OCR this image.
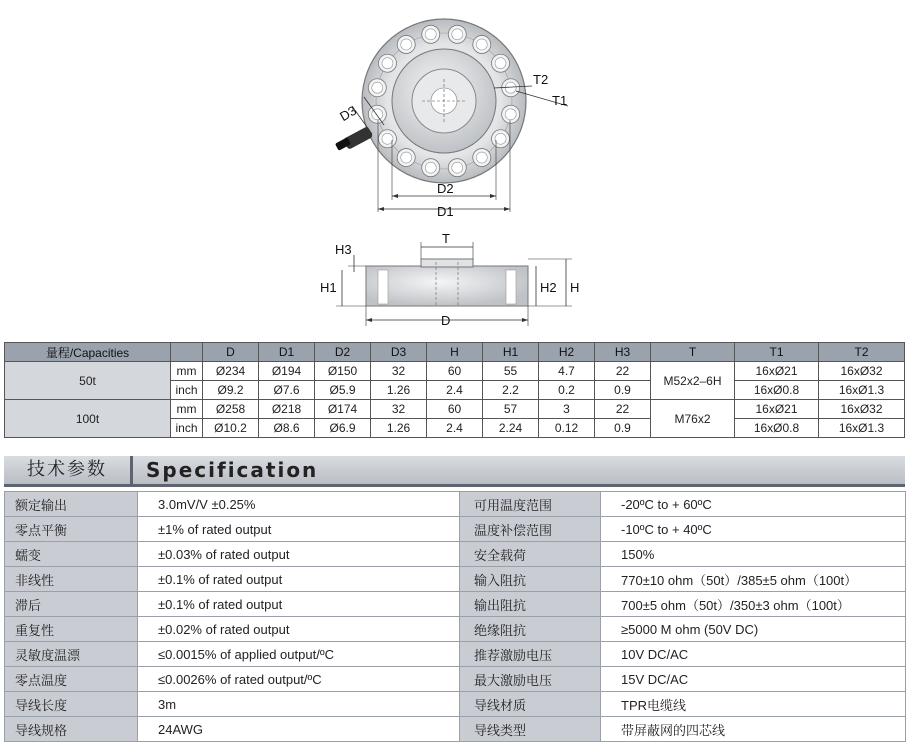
D3
T2
T1
D2
D1
T
H3
H1	H2 H
D
量程/Capacities		D	D1	D2	D3	H	H1	H2	H3	T	T1	T2
50t	mm	Ø234	Ø194	Ø150	32	60	55	4.7	22	M52x2–6H	16xØ21	16xØ32
	inch	Ø9.2	Ø7.6	Ø5.9	1.26	2.4	2.2	0.2	0.9		16xØ0.8	16xØ1.3
100t	mm	Ø258	Ø218	Ø174	32	60	57	3	22	M76x2	16xØ21	16xØ32
	inch	Ø10.2	Ø8.6	Ø6.9	1.26	2.4	2.24	0.12	0.9		16xØ0.8	16xØ1.3
技术参数	Specification
额定输出	3.0mV/V ±0.25%	可用温度范围	-20ºC to + 60ºC
零点平衡	±1% of rated output	温度补偿范围	-10ºC to + 40ºC
蠕变	±0.03% of rated output	安全载荷	150%
非线性	±0.1% of rated output	输入阻抗	770±10 ohm（50t）/385±5 ohm（100t）
滞后	±0.1% of rated output	输出阻抗	700±5 ohm（50t）/350±3 ohm（100t）
重复性	±0.02% of rated output	绝缘阻抗	≥5000 M ohm (50V DC)
灵敏度温漂	≤0.0015% of applied output/ºC	推荐激励电压	10V DC/AC
零点温度	≤0.0026% of rated output/ºC	最大激励电压	15V DC/AC
导线长度	3m	导线材质	TPR电缆线
导线规格	24AWG	导线类型	带屏蔽网的四芯线
